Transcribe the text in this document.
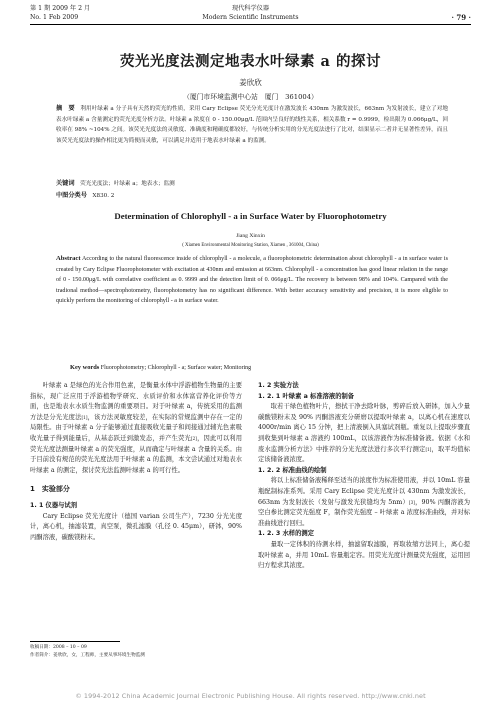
第 1 期 2009 年 2 月
No. 1 Feb 2009
现代科学仪器
Modern Scientific Instruments	· 79 ·
荧光光度法测定地表水叶绿素 a 的探讨
姜欣欣
（厦门市环境监测中心站　厦门　361004）
摘　要　利用叶绿素 a 分子具有天然的荧光的性质，采用 Cary Eclipse 荧光分光光度计在激发波长 430nm 为激发波长，663nm 为发射波长，建立了对地表水叶绿素 a 含量测定的荧光光度分析方法。叶绿素 a 浓度在 0 - 150.00μg/L 范围内呈良好的线性关系，相关系数 r = 0.9999，检出限为 0.066μg/L，回收率在 98% ~104% 之间。该荧光光度法的灵敏度、准确度和精确度都较好，与传统分析实用的分光光度法进行了比对，结果显示二者并无显著性差异，而且该荧光光度法的操作相比更为简便而灵敏，可以满足并适用于地表水叶绿素 a 的监测。
关键词　荧光光度法；叶绿素 a；地表水；监测
中图分类号　X830. 2
Determination of Chlorophyll - a in Surface Water by Fluorophotometry
Jiang Xinxin
( Xiamen Environmental Monitoring Station, Xiamen , 361004, China)
Abstract According to the natural fluorescence inside of chlorophyll - a molecule, a fluorophotometric determination about chlorophyll - a in surface water is created by Cary Eclipse Fluorophotometer with excitation at 430nm and emission at 663nm. Chlorophyll - a concentration has good linear relation in the range of 0 - 150.00μg/L with correlative coefficient as 0. 9999 and the detection limit of 0. 066μg/L. The recovery is between 98% and 104%. Campared with the tradional method—spectrophotometry, fluorophotometry has no significant difference. With better accuracy sensitivity and precision, it is more eligible to quickly perform the monitoring of chlorophyll - a in surface water.
Key words Fluorophotometry; Chlorophyll - a; Surface water; Monitoring

叶绿素 a 是绿色的光合作用色素，是衡量水体中浮游植物生物量的主要指标，现广泛应用于浮游植物学研究、水质评价和水体富营养化评价等方面，也是地表水水质生物监测的重要项目。对于叶绿素 a，传统采用的监测方法是分光光度法[1]，该方法灵敏度较差，在实际的常规监测中存在一定的局限性。由于叶绿素 a 分子能够通过直接吸收光量子和间接通过辅光色素吸收光量子得到能量后，从基态跃迁到激发态，并产生荧光[2]，因此可以利用荧光光度法测量叶绿素 a 的荧光强度，从而确定与叶绿素 a 含量的关系。由于目前没有规范的荧光光度法用于叶绿素 a 的监测，本文尝试通过对地表水叶绿素 a 的测定，探讨荧光法监测叶绿素 a 的可行性。

1　实验部分
1. 1 仪器与试剂

Cary Eclipse 荧光光度计（德国 varian 公司生产），7230 分光光度计，离心机，抽滤装置，真空泵，微孔滤膜（孔径 0. 45μm），研钵，90% 丙酮溶液，碳酸镁粉末。

1. 2 实验方法
1. 2. 1 叶绿素 a 标准溶液的制备

取若干绿色植物叶片，擦拭干净去除叶脉，剪碎后放入研钵，加入少量碳酸镁粉末及 90% 丙酮溶液充分研磨以提取叶绿素 a，以离心机在速度以 4000r/min 离心 15 分钟，把上清液倒入具塞试剂瓶。重复以上提取步骤直到收集到叶绿素 a 溶液约 100mL，以该溶液作为标准储备液。依据《水和废水监测分析方法》中推荐的分光光度法进行多次平行测定[1]，取平均值标定该储备液浓度。

1. 2. 2 标准曲线的绘制

将以上标准储备液稀释至适当的浓度作为标准使用液，并以 10mL 容量瓶配制标准系列。采用 Cary Eclipse 荧光光度计以 430nm 为激发波长，663nm 为发射波长（发射与激发光狭缝均为 5nm）[3]，90% 丙酮溶液为空白参比测定荧光强度 F，制作荧光强度 – 叶绿素 a 浓度标准曲线，并对标准曲线进行回归。

1. 2. 3 水样的测定

量取一定体积的待测水样，抽滤留取滤膜，再取妆缩方法同上，离心提取叶绿素 a，并用 10mL 容量瓶定容。用荧光光度计测量荧光强度，运用回归方程求其浓度。

收稿日期：2008 – 10 – 09
作者简介：姜欣欣，女，工程师，主要从事环境生物监测
© 1994-2012 China Academic Journal Electronic Publishing House. All rights reserved. http://www.cnki.net
